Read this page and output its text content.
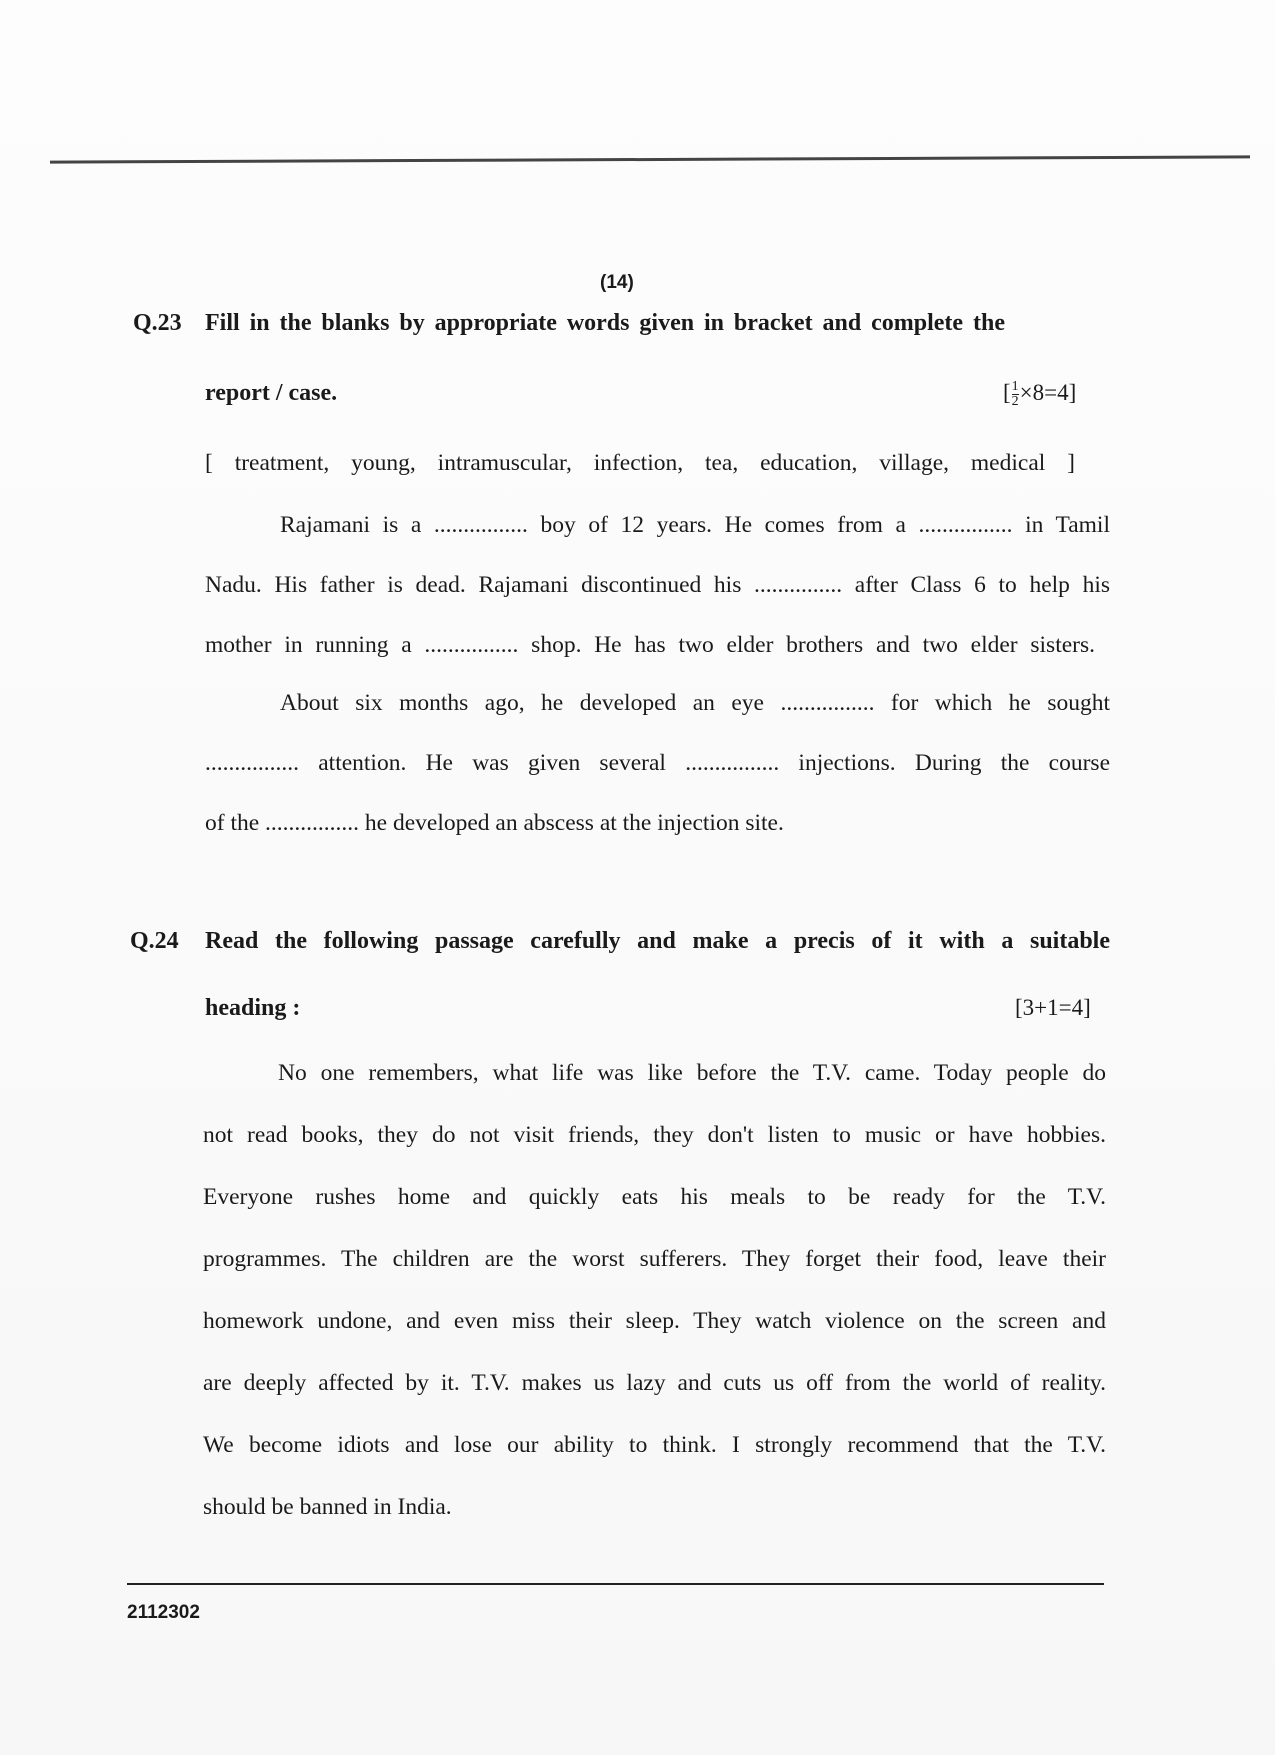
(14)
Q.23 Fill in the blanks by appropriate words given in bracket and complete the
report / case.	[ $\frac{1}{2} \times 8=4$]
[ treatment, young, intramuscular, infection, tea, education, village, medical ]
Rajamani is a ................ boy of 12 years. He comes from a ................ in Tamil
Nadu. His father is dead. Rajamani discontinued his ............... after Class 6 to help his
mother in running a ................ shop. He has two elder brothers and two elder sisters.
About six months ago, he developed an eye ................ for which he sought
................ attention. He was given several ................ injections. During the course
of the ................ he developed an abscess at the injection site.
Q.24 Read the following passage carefully and make a precis of it with a suitable
heading :	[3+1=4]
No one remembers, what life was like before the T.V. came. Today people do
not read books, they do not visit friends, they don't listen to music or have hobbies.
Everyone rushes home and quickly eats his meals to be ready for the T.V.
programmes. The children are the worst sufferers. They forget their food, leave their
homework undone, and even miss their sleep. They watch violence on the screen and
are deeply affected by it. T.V. makes us lazy and cuts us off from the world of reality.
We become idiots and lose our ability to think. I strongly recommend that the T.V.
should be banned in India.
2112302
